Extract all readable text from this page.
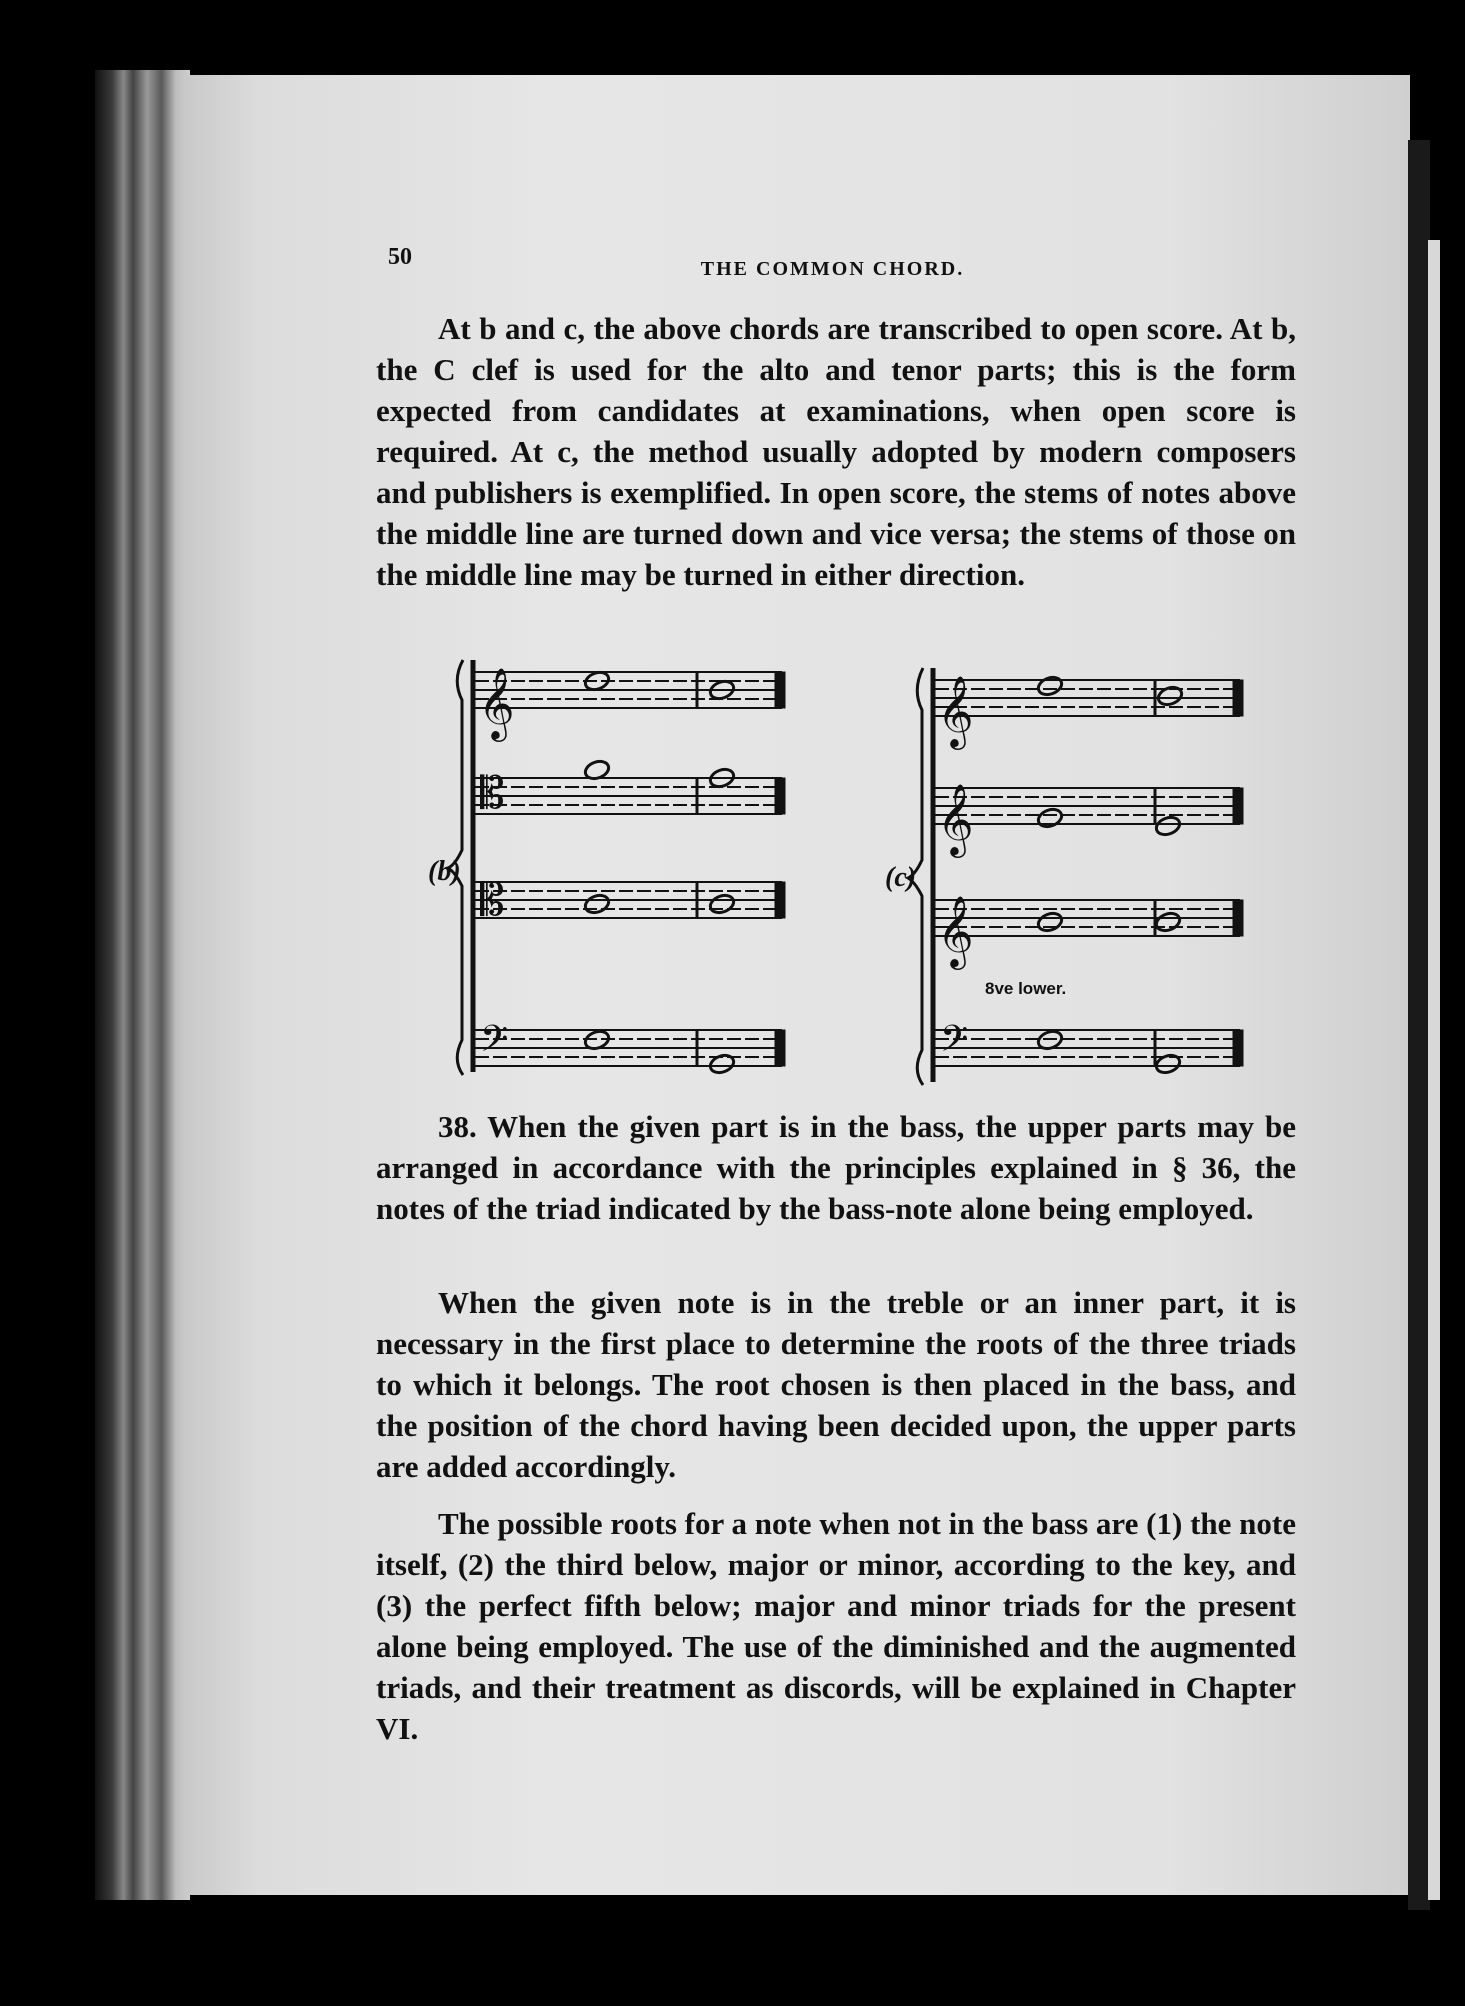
50	THE COMMON CHORD.

At b and c, the above chords are transcribed to open score. At b, the C clef is used for the alto and tenor parts; this is the form expected from candidates at examinations, when open score is required. At c, the method usually adopted by modern composers and publishers is exemplified. In open score, the stems of notes above the middle line are turned down and vice versa; the stems of those on the middle line may be turned in either direction.

𝄞
𝄡
𝄡
𝄢
𝄞
𝄞
𝄞
𝄢
(b)	(c)
8ve lower.

38. When the given part is in the bass, the upper parts may be arranged in accordance with the principles explained in § 36, the notes of the triad indicated by the bass-note alone being employed.

When the given note is in the treble or an inner part, it is necessary in the first place to determine the roots of the three triads to which it belongs. The root chosen is then placed in the bass, and the position of the chord having been decided upon, the upper parts are added accordingly.

The possible roots for a note when not in the bass are (1) the note itself, (2) the third below, major or minor, according to the key, and (3) the perfect fifth below; major and minor triads for the present alone being employed. The use of the diminished and the augmented triads, and their treatment as discords, will be explained in Chapter VI.
